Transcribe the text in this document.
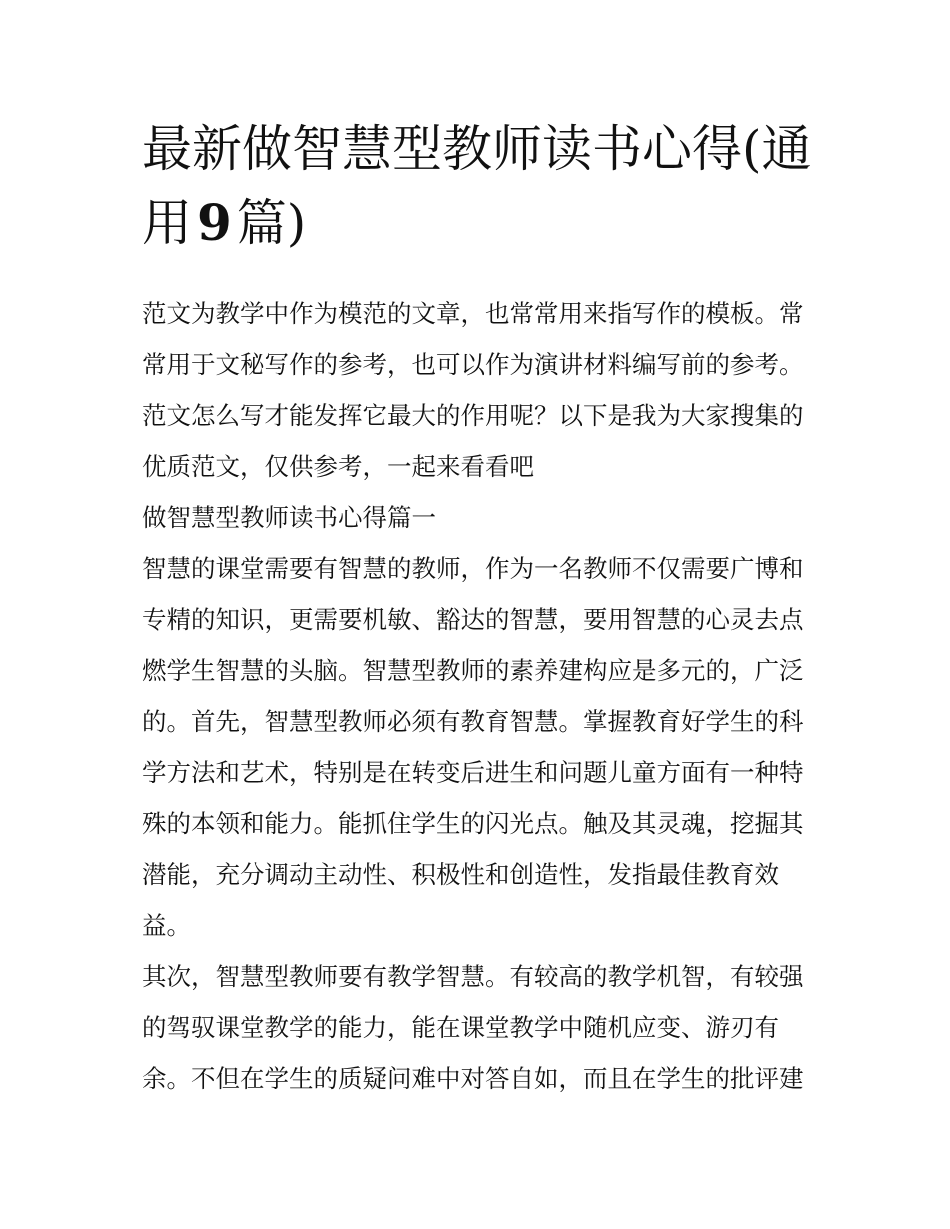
最新做智慧型教师读书心得(通
用 9 篇)
范文为教学中作为模范的文章，也常常用来指写作的模板。常
常用于文秘写作的参考，也可以作为演讲材料编写前的参考。
范文怎么写才能发挥它最大的作用呢？以下是我为大家搜集的
优质范文，仅供参考，一起来看看吧
做智慧型教师读书心得篇一
智慧的课堂需要有智慧的教师，作为一名教师不仅需要广博和
专精的知识，更需要机敏、豁达的智慧，要用智慧的心灵去点
燃学生智慧的头脑。智慧型教师的素养建构应是多元的，广泛
的。首先，智慧型教师必须有教育智慧。掌握教育好学生的科
学方法和艺术，特别是在转变后进生和问题儿童方面有一种特
殊的本领和能力。能抓住学生的闪光点。触及其灵魂，挖掘其
潜能，充分调动主动性、积极性和创造性，发指最佳教育效
益。
其次，智慧型教师要有教学智慧。有较高的教学机智，有较强
的驾驭课堂教学的能力，能在课堂教学中随机应变、游刃有
余。不但在学生的质疑问难中对答自如，而且在学生的批评建
